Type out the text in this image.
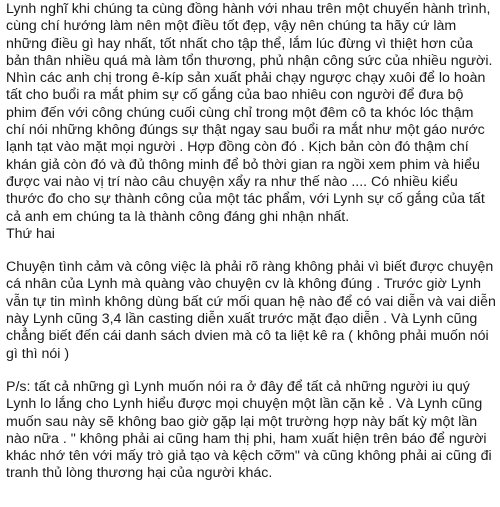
Lynh nghĩ khi chúng ta cùng đồng hành với nhau trên một chuyến hành trình, cùng chí hướng làm nên một điều tốt đẹp, vậy nên chúng ta hãy cứ làm những điều gì hay nhất, tốt nhất cho tập thể, lắm lúc đừng vì thiệt hơn của bản thân nhiều quá mà làm tổn thương, phủ nhận công sức của nhiều người. Nhìn các anh chị trong ê-kíp sản xuất phải chạy ngược chạy xuôi để lo hoàn tất cho buổi ra mắt phim sự cố gắng của bao nhiêu con người để đưa bộ phim đến với công chúng cuối cùng chỉ trong một đêm cô ta khóc lóc thậm chí nói những không đúngs sự thật ngay sau buổi ra mắt như một gáo nước lạnh tạt vào mặt mọi người . Hợp đồng còn đó . Kịch bản còn đó thậm chí khán giả còn đó và đủ thông minh để bỏ thời gian ra ngồi xem phim và hiểu được vai nào vị trí nào câu chuyện xẩy ra như thế nào .... Có nhiều kiểu thước đo cho sự thành công của một tác phẩm, với Lynh sự cố gắng của tất cả anh em chúng ta là thành công đáng ghi nhận nhất.

Thứ hai

Chuyện tình cảm và công việc là phải rõ ràng không phải vì biết được chuyện cá nhân của Lynh mà quàng vào chuyện cv là không đúng . Trước giờ Lynh vẫn tự tin mình không dùng bất cứ mối quan hệ nào để có vai diễn và vai diễn này Lynh cũng 3,4 lần casting diễn xuất trước mặt đạo diễn . Và Lynh cũng chẳng biết đến cái danh sách dvien mà cô ta liệt kê ra ( không phải muốn nói gì thì nói )

P/s: tất cả những gì Lynh muốn nói ra ở đây để tất cả những người iu quý Lynh lo lắng cho Lynh hiểu được mọi chuyện một lần cặn kẻ . Và Lynh cũng muốn sau này sẽ không bao giờ gặp lại một trường hợp này bất kỳ một lần nào nữa . " không phải ai cũng ham thị phi, ham xuất hiện trên báo để người khác nhớ tên với mấy trò giả tạo và kệch cỡm" và cũng không phải ai cũng đi tranh thủ lòng thương hại của người khác.
